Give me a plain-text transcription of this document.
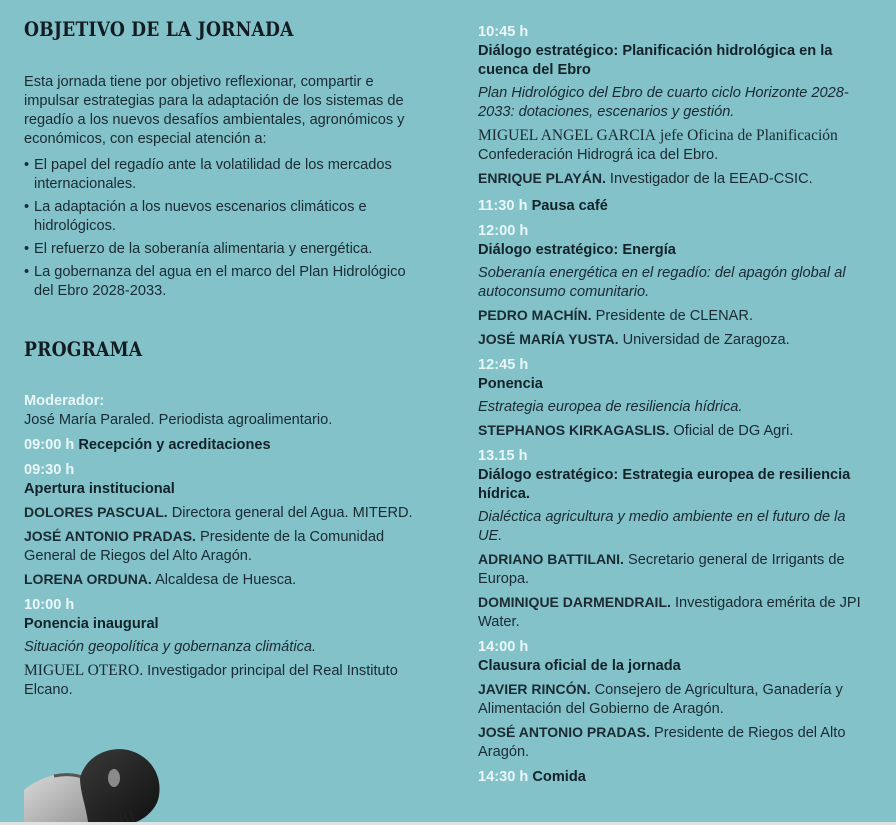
OBJETIVO DE LA JORNADA

Esta jornada tiene por objetivo reflexionar, compartir e impulsar estrategias para la adaptación de los sistemas de regadío a los nuevos desafíos ambientales, agronómicos y económicos, con especial atención a:

• El papel del regadío ante la volatilidad de los mercados internacionales.
• La adaptación a los nuevos escenarios climáticos e hidrológicos.
• El refuerzo de la soberanía alimentaria y energética.
• La gobernanza del agua en el marco del Plan Hidrológico del Ebro 2028-2033.
PROGRAMA
Moderador:
José María Paraled. Periodista agroalimentario.
09:00 h Recepción y acreditaciones
09:30 h
Apertura institucional
DOLORES PASCUAL. Directora general del Agua. MITERD.
JOSÉ ANTONIO PRADAS. Presidente de la Comunidad General de Riegos del Alto Aragón.
LORENA ORDUNA. Alcaldesa de Huesca.
10:00 h
Ponencia inaugural
Situación geopolítica y gobernanza climática.
MIGUEL OTERO. Investigador principal del Real Instituto Elcano.
10:45 h
Diálogo estratégico: Planificación hidrológica en la cuenca del Ebro
Plan Hidrológico del Ebro de cuarto ciclo Horizonte 2028-2033: dotaciones, escenarios y gestión.
MIGUEL ANGEL GARCIA jefe Oficina de Planificación
Confederación Hidrográ ica del Ebro.
ENRIQUE PLAYÁN. Investigador de la EEAD-CSIC.
11:30 h Pausa café
12:00 h
Diálogo estratégico: Energía
Soberanía energética en el regadío: del apagón global al autoconsumo comunitario.
PEDRO MACHÍN. Presidente de CLENAR.
JOSÉ MARÍA YUSTA. Universidad de Zaragoza.
12:45 h
Ponencia
Estrategia europea de resiliencia hídrica.
STEPHANOS KIRKAGASLIS. Oficial de DG Agri.
13.15 h
Diálogo estratégico: Estrategia europea de resiliencia hídrica.
Dialéctica agricultura y medio ambiente en el futuro de la UE.
ADRIANO BATTILANI. Secretario general de Irrigants de Europa.
DOMINIQUE DARMENDRAIL. Investigadora emérita de JPI Water.
14:00 h
Clausura oficial de la jornada
JAVIER RINCÓN. Consejero de Agricultura, Ganadería y Alimentación del Gobierno de Aragón.
JOSÉ ANTONIO PRADAS. Presidente de Riegos del Alto Aragón.
14:30 h Comida
